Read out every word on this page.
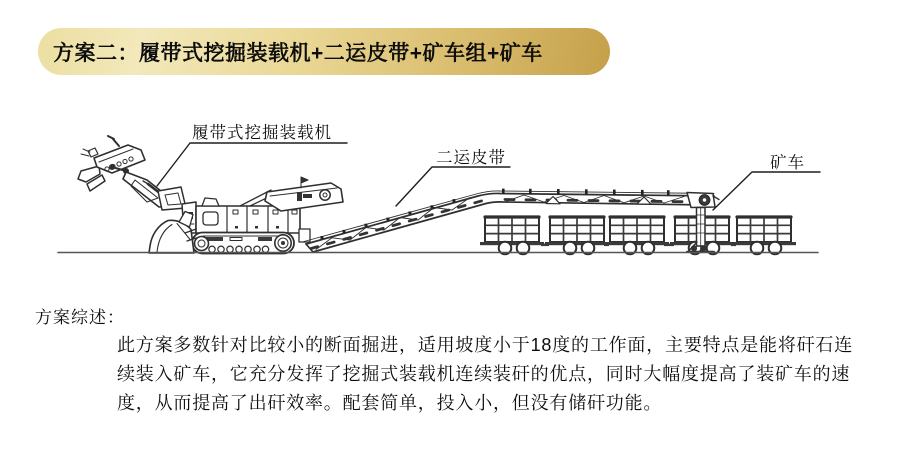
方案二：履带式挖掘装载机+二运皮带+矿车组+矿车
履带式挖掘装载机
二运皮带	矿车
方案综述：
此方案多数针对比较小的断面掘进，适用坡度小于18度的工作面，主要特点是能将矸石连续装入矿车，它充分发挥了挖掘式装载机连续装矸的优点，同时大幅度提高了装矿车的速度，从而提高了出矸效率。配套简单，投入小，但没有储矸功能。
